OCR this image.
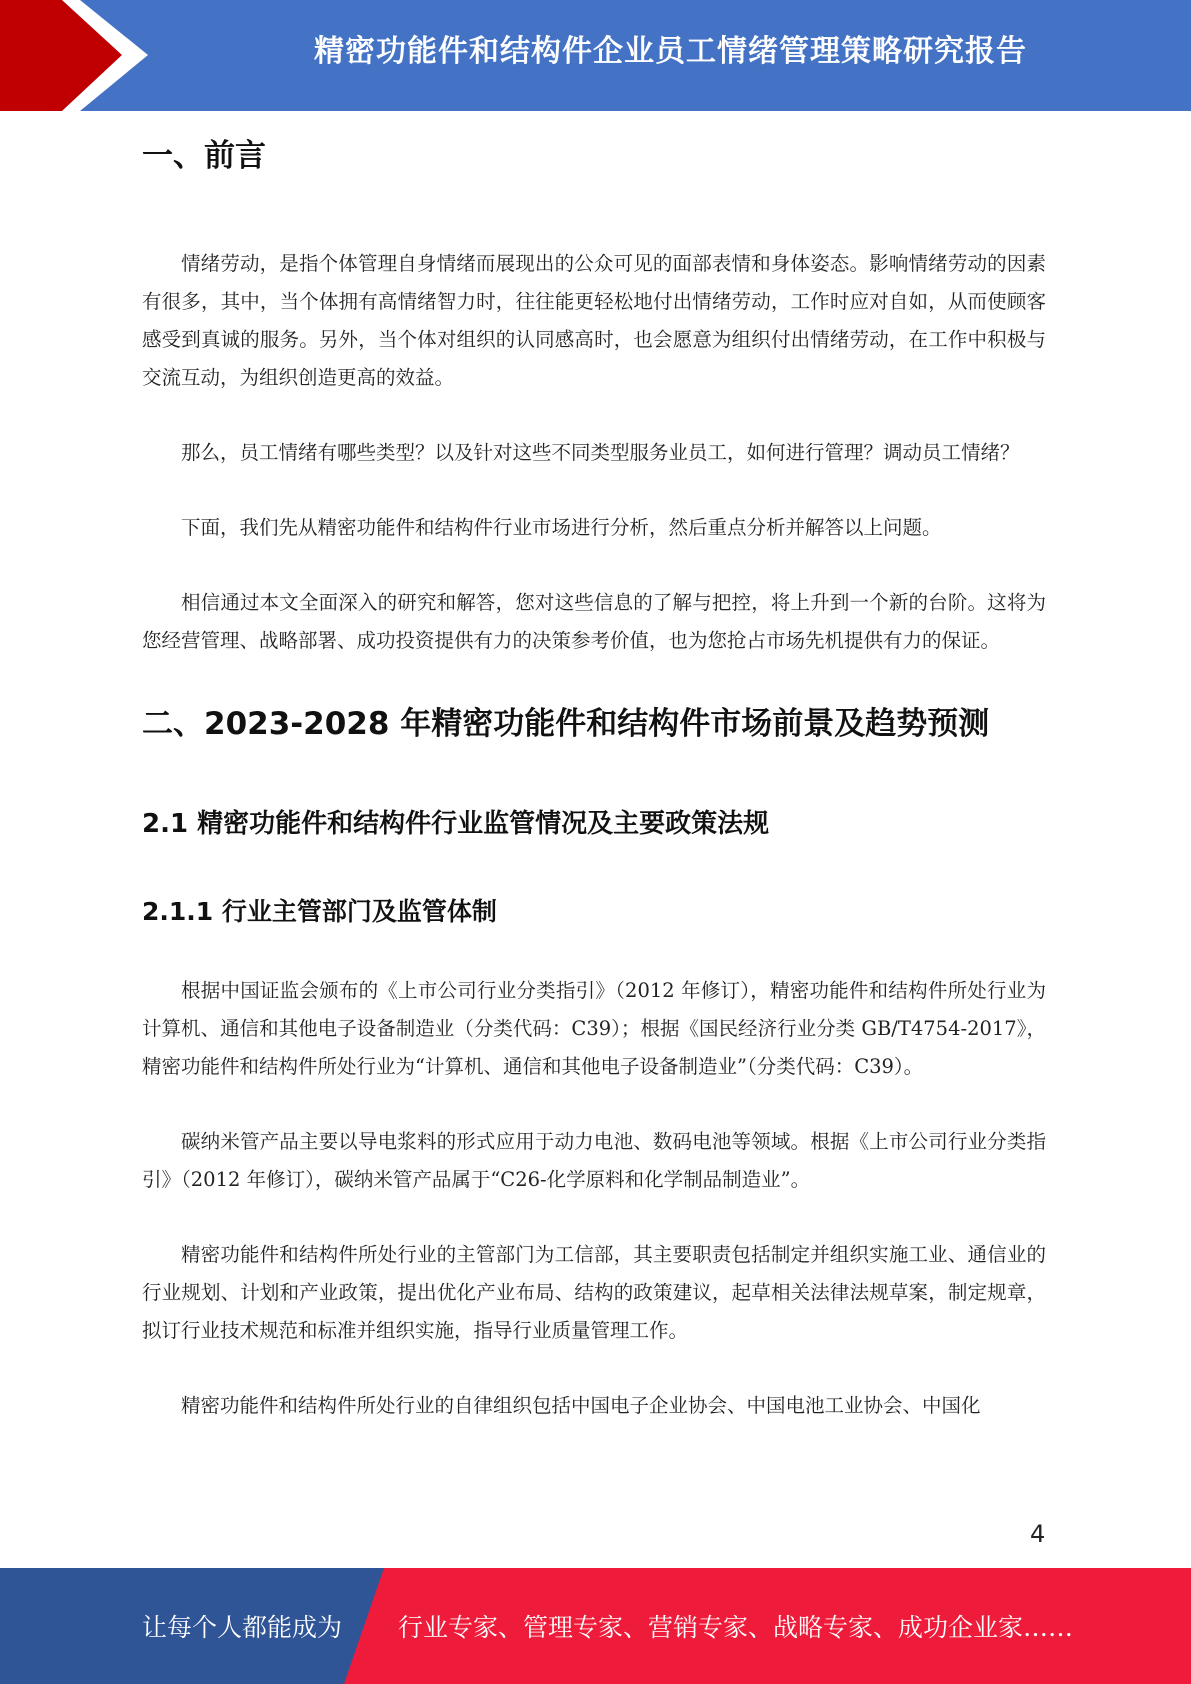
精密功能件和结构件企业员工情绪管理策略研究报告
一、前言

情绪劳动，是指个体管理自身情绪而展现出的公众可见的面部表情和身体姿态。影响情绪劳动的因素有很多，其中，当个体拥有高情绪智力时，往往能更轻松地付出情绪劳动，工作时应对自如，从而使顾客感受到真诚的服务。另外，当个体对组织的认同感高时，也会愿意为组织付出情绪劳动，在工作中积极与交流互动，为组织创造更高的效益。

那么，员工情绪有哪些类型？以及针对这些不同类型服务业员工，如何进行管理？调动员工情绪？

下面，我们先从精密功能件和结构件行业市场进行分析，然后重点分析并解答以上问题。

相信通过本文全面深入的研究和解答，您对这些信息的了解与把控，将上升到一个新的台阶。这将为您经营管理、战略部署、成功投资提供有力的决策参考价值，也为您抢占市场先机提供有力的保证。

二、2023-2028 年精密功能件和结构件市场前景及趋势预测
2.1 精密功能件和结构件行业监管情况及主要政策法规
2.1.1 行业主管部门及监管体制

根据中国证监会颁布的《上市公司行业分类指引》（2012 年修订），精密功能件和结构件所处行业为计算机、通信和其他电子设备制造业（分类代码：C39）；根据《国民经济行业分类 GB/T4754-2017》，精密功能件和结构件所处行业为“计算机、通信和其他电子设备制造业”（分类代码：C39）。

碳纳米管产品主要以导电浆料的形式应用于动力电池、数码电池等领域。根据《上市公司行业分类指引》（2012 年修订），碳纳米管产品属于“C26-化学原料和化学制品制造业”。

精密功能件和结构件所处行业的主管部门为工信部，其主要职责包括制定并组织实施工业、通信业的行业规划、计划和产业政策，提出优化产业布局、结构的政策建议，起草相关法律法规草案，制定规章，拟订行业技术规范和标准并组织实施，指导行业质量管理工作。

精密功能件和结构件所处行业的自律组织包括中国电子企业协会、中国电池工业协会、中国化

4
让每个人都能成为 行业专家、管理专家、营销专家、战略专家、成功企业家……
